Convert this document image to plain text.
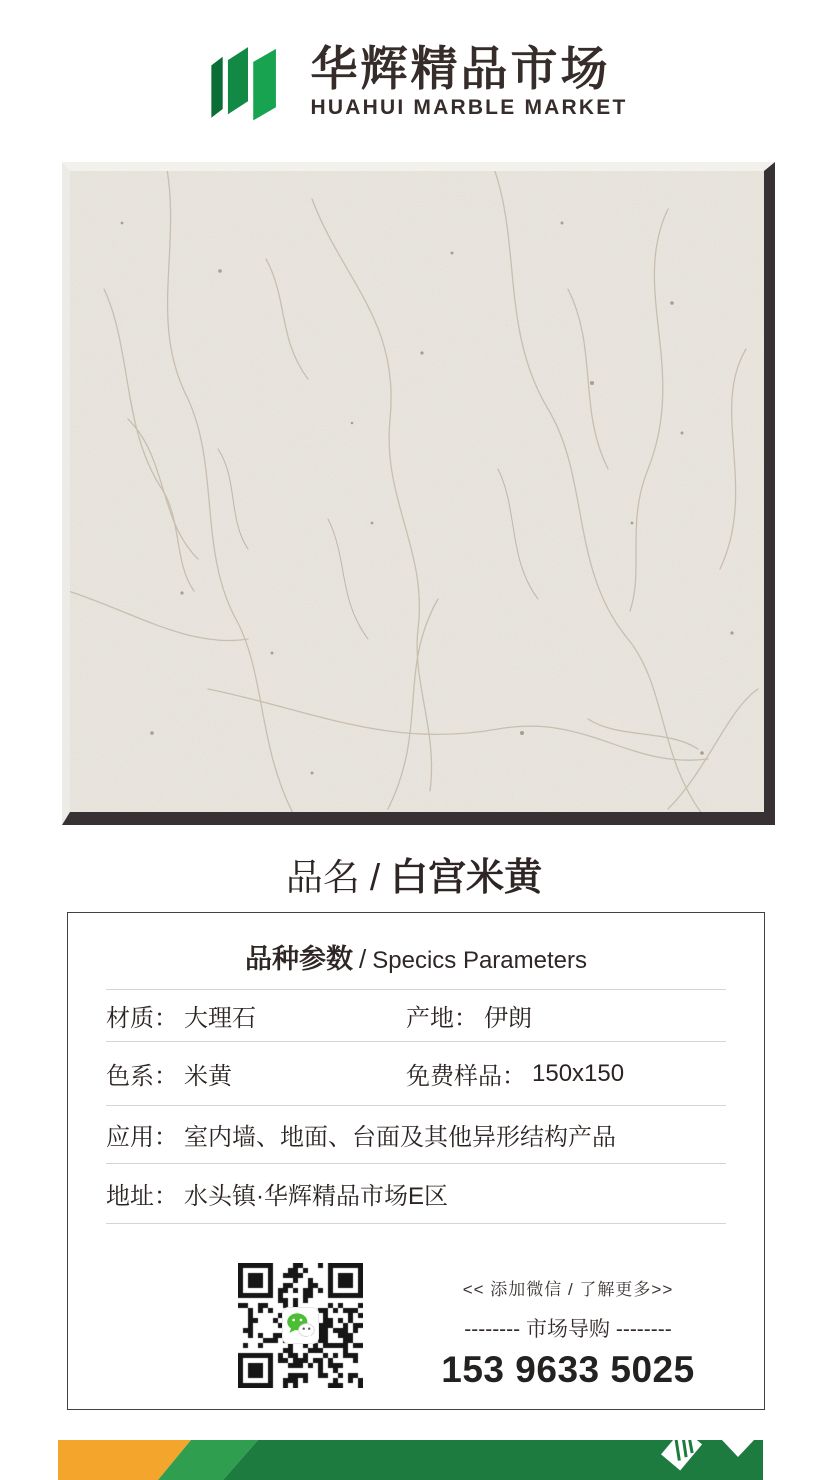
华辉精品市场
HUAHUI MARBLE MARKET
品名 / 白宫米黄
品种参数 / Specics Parameters
材质： 大理石	产地： 伊朗
色系： 米黄	免费样品： 150x150
应用： 室内墙、地面、台面及其他异形结构产品
地址： 水头镇·华辉精品市场E区
<< 添加微信 / 了解更多>>
-------- 市场导购 --------
153 9633 5025
